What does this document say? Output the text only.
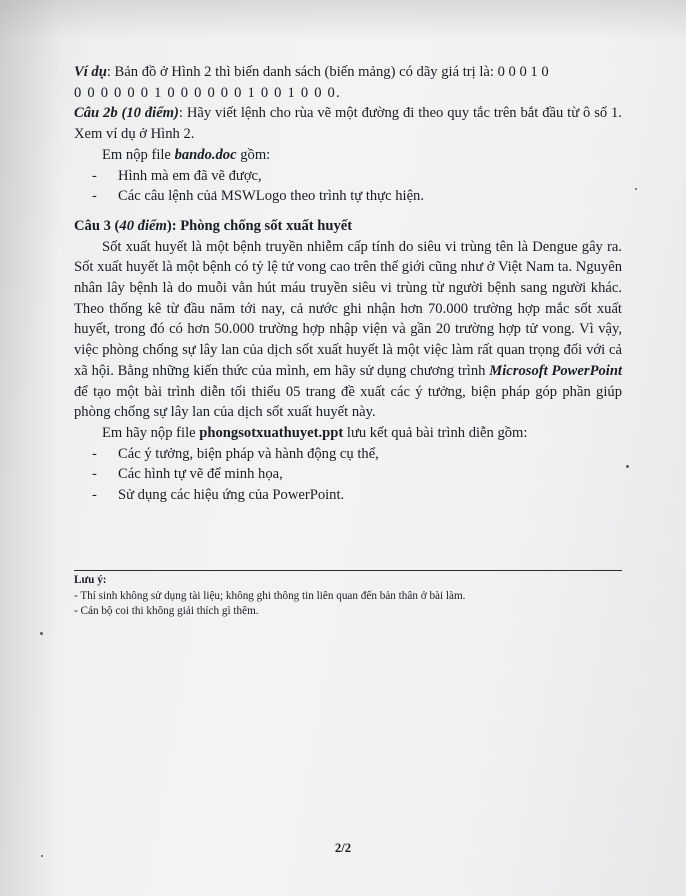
Ví dụ: Bản đồ ở Hình 2 thì biến danh sách (biến mảng) có dãy giá trị là: 0 0 0 1 0

0 0 0 0 0 0 1 0 0 0 0 0 0 1 0 0 1 0 0 0.

Câu 2b (10 điểm): Hãy viết lệnh cho rùa vẽ một đường đi theo quy tắc trên bắt đầu từ ô số 1. Xem ví dụ ở Hình 2.

Em nộp file bando.doc gồm:

- Hình mà em đã vẽ được,
- Các câu lệnh của MSWLogo theo trình tự thực hiện.

Câu 3 (40 điểm): Phòng chống sốt xuất huyết

Sốt xuất huyết là một bệnh truyền nhiễm cấp tính do siêu vi trùng tên là Dengue gây ra. Sốt xuất huyết là một bệnh có tỷ lệ tử vong cao trên thế giới cũng như ở Việt Nam ta. Nguyên nhân lây bệnh là do muỗi vằn hút máu truyền siêu vi trùng từ người bệnh sang người khác. Theo thống kê từ đầu năm tới nay, cả nước ghi nhận hơn 70.000 trường hợp mắc sốt xuất huyết, trong đó có hơn 50.000 trường hợp nhập viện và gần 20 trường hợp tử vong. Vì vậy, việc phòng chống sự lây lan của dịch sốt xuất huyết là một việc làm rất quan trọng đối với cả xã hội. Bằng những kiến thức của mình, em hãy sử dụng chương trình Microsoft PowerPoint để tạo một bài trình diễn tối thiểu 05 trang đề xuất các ý tưởng, biện pháp góp phần giúp phòng chống sự lây lan của dịch sốt xuất huyết này.

Em hãy nộp file phongsotxuathuyet.ppt lưu kết quả bài trình diễn gồm:

- Các ý tưởng, biện pháp và hành động cụ thể,
- Các hình tự vẽ để minh họa,
- Sử dụng các hiệu ứng của PowerPoint.

Lưu ý:

- Thí sinh không sử dụng tài liệu; không ghi thông tin liên quan đến bản thân ở bài làm.

- Cán bộ coi thi không giải thích gì thêm.

2/2
